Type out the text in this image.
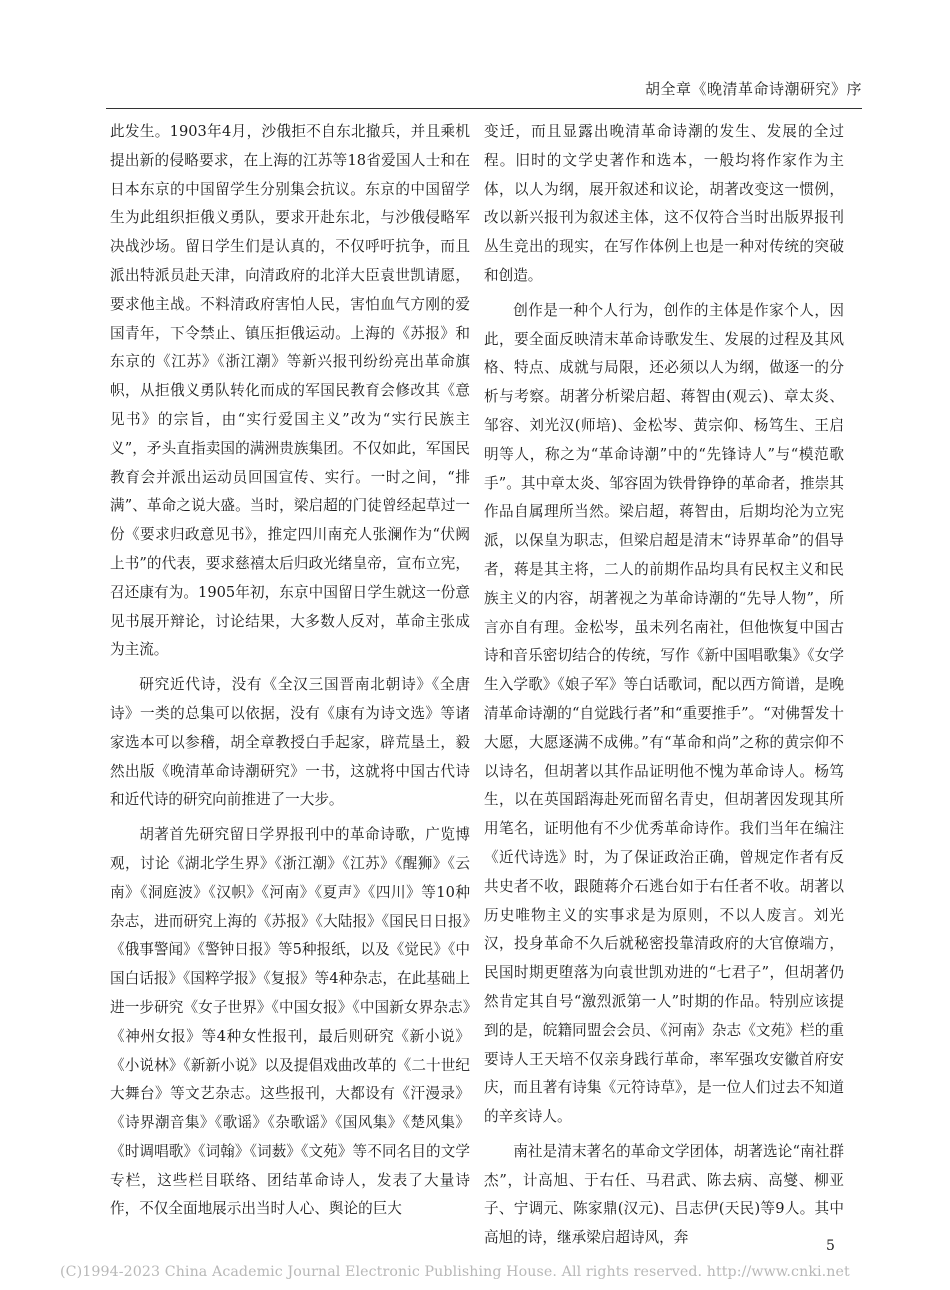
胡全章《晚清革命诗潮研究》序

此发生。1903年4月，沙俄拒不自东北撤兵，并且乘机提出新的侵略要求，在上海的江苏等18省爱国人士和在日本东京的中国留学生分别集会抗议。东京的中国留学生为此组织拒俄义勇队，要求开赴东北，与沙俄侵略军决战沙场。留日学生们是认真的，不仅呼吁抗争，而且派出特派员赴天津，向清政府的北洋大臣袁世凯请愿，要求他主战。不料清政府害怕人民，害怕血气方刚的爱国青年，下令禁止、镇压拒俄运动。上海的《苏报》和东京的《江苏》《浙江潮》等新兴报刊纷纷亮出革命旗帜，从拒俄义勇队转化而成的军国民教育会修改其《意见书》的宗旨，由“实行爱国主义”改为“实行民族主义”，矛头直指卖国的满洲贵族集团。不仅如此，军国民教育会并派出运动员回国宣传、实行。一时之间，“排满”、革命之说大盛。当时，梁启超的门徒曾经起草过一份《要求归政意见书》，推定四川南充人张澜作为“伏阙上书”的代表，要求慈禧太后归政光绪皇帝，宣布立宪，召还康有为。1905年初，东京中国留日学生就这一份意见书展开辩论，讨论结果，大多数人反对，革命主张成为主流。

研究近代诗，没有《全汉三国晋南北朝诗》《全唐诗》一类的总集可以依据，没有《康有为诗文选》等诸家选本可以参稽，胡全章教授白手起家，辟荒垦土，毅然出版《晚清革命诗潮研究》一书，这就将中国古代诗和近代诗的研究向前推进了一大步。

胡著首先研究留日学界报刊中的革命诗歌，广览博观，讨论《湖北学生界》《浙江潮》《江苏》《醒狮》《云南》《洞庭波》《汉帜》《河南》《夏声》《四川》等10种杂志，进而研究上海的《苏报》《大陆报》《国民日日报》《俄事警闻》《警钟日报》等5种报纸，以及《觉民》《中国白话报》《国粹学报》《复报》等4种杂志，在此基础上进一步研究《女子世界》《中国女报》《中国新女界杂志》《神州女报》等4种女性报刊，最后则研究《新小说》《小说林》《新新小说》以及提倡戏曲改革的《二十世纪大舞台》等文艺杂志。这些报刊，大都设有《汗漫录》《诗界潮音集》《歌谣》《杂歌谣》《国风集》《楚风集》《时调唱歌》《词翰》《词薮》《文苑》等不同名目的文学专栏，这些栏目联络、团结革命诗人，发表了大量诗作，不仅全面地展示出当时人心、舆论的巨大

变迁，而且显露出晚清革命诗潮的发生、发展的全过程。旧时的文学史著作和选本，一般均将作家作为主体，以人为纲，展开叙述和议论，胡著改变这一惯例，改以新兴报刊为叙述主体，这不仅符合当时出版界报刊丛生竞出的现实，在写作体例上也是一种对传统的突破和创造。

创作是一种个人行为，创作的主体是作家个人，因此，要全面反映清末革命诗歌发生、发展的过程及其风格、特点、成就与局限，还必须以人为纲，做逐一的分析与考察。胡著分析梁启超、蒋智由(观云)、章太炎、邹容、刘光汉(师培)、金松岑、黄宗仰、杨笃生、王启明等人，称之为“革命诗潮”中的“先锋诗人”与“模范歌手”。其中章太炎、邹容固为铁骨铮铮的革命者，推崇其作品自属理所当然。梁启超，蒋智由，后期均沦为立宪派，以保皇为职志，但梁启超是清末“诗界革命”的倡导者，蒋是其主将，二人的前期作品均具有民权主义和民族主义的内容，胡著视之为革命诗潮的“先导人物”，所言亦自有理。金松岑，虽未列名南社，但他恢复中国古诗和音乐密切结合的传统，写作《新中国唱歌集》《女学生入学歌》《娘子军》等白话歌词，配以西方简谱，是晚清革命诗潮的“自觉践行者”和“重要推手”。“对佛誓发十大愿，大愿逐满不成佛。”有“革命和尚”之称的黄宗仰不以诗名，但胡著以其作品证明他不愧为革命诗人。杨笃生，以在英国蹈海赴死而留名青史，但胡著因发现其所用笔名，证明他有不少优秀革命诗作。我们当年在编注《近代诗选》时，为了保证政治正确，曾规定作者有反共史者不收，跟随蒋介石逃台如于右任者不收。胡著以历史唯物主义的实事求是为原则，不以人废言。刘光汉，投身革命不久后就秘密投靠清政府的大官僚端方，民国时期更堕落为向袁世凯劝进的“七君子”，但胡著仍然肯定其自号“激烈派第一人”时期的作品。特别应该提到的是，皖籍同盟会会员、《河南》杂志《文苑》栏的重要诗人王天培不仅亲身践行革命，率军强攻安徽首府安庆，而且著有诗集《元符诗草》，是一位人们过去不知道的辛亥诗人。

南社是清末著名的革命文学团体，胡著选论“南社群杰”，计高旭、于右任、马君武、陈去病、高燮、柳亚子、宁调元、陈家鼎(汉元)、吕志伊(天民)等9人。其中高旭的诗，继承梁启超诗风，奔	5
(C)1994-2023 China Academic Journal Electronic Publishing House. All rights reserved. http://www.cnki.net
